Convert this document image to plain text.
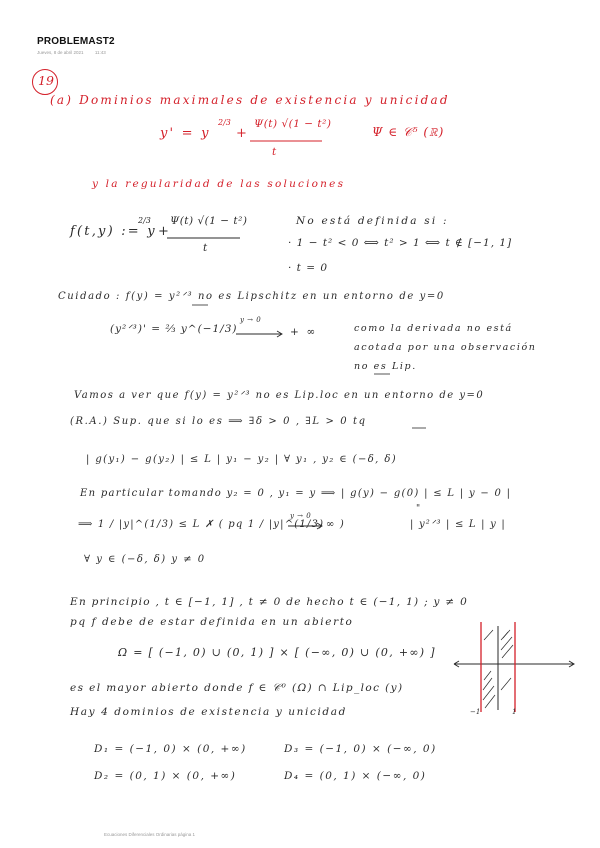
PROBLEMAST2
Jueves, 8 de abril 2021	11:43
19
(a) Dominios maximales de existencia y unicidad
y' = y
2/3
+
Ψ(t) √(1 − t²)
t
Ψ ∈ 𝒞⁵ (ℝ)
y la regularidad de las soluciones
f(t,y) := y
2/3
+
Ψ(t) √(1 − t²)
t
No está definida si :
· 1 − t² < 0 ⟺ t² > 1 ⟺ t ∉ [−1, 1]
· t = 0
Cuidado : f(y) = y²ᐟ³ no es Lipschitz en un entorno de y=0
(y²ᐟ³)' = ⅔ y^(−1/3)
y → 0
+ ∞	como la derivada no está
acotada por una observación
no es Lip.
Vamos a ver que f(y) = y²ᐟ³ no es Lip.loc en un entorno de y=0
(R.A.) Sup. que si lo es ⟹ ∃δ > 0 , ∃L > 0 tq
| g(y₁) − g(y₂) | ≤ L | y₁ − y₂ | ∀ y₁ , y₂ ∈ (−δ, δ)
En particular tomando y₂ = 0 , y₁ = y ⟹ | g(y) − g(0) | ≤ L | y − 0 |
⟹ 1 / |y|^(1/3) ≤ L ✗ ( pq 1 / |y|^(1/3)
y → 0
∞ )	| y²ᐟ³ | ≤ L | y |
"
∀ y ∈ (−δ, δ) y ≠ 0
En principio , t ∈ [−1, 1] , t ≠ 0 de hecho t ∈ (−1, 1) ; y ≠ 0
pq f debe de estar definida en un abierto
Ω = [ (−1, 0) ∪ (0, 1) ] × [ (−∞, 0) ∪ (0, +∞) ]
es el mayor abierto donde f ∈ 𝒞⁰ (Ω) ∩ Lip_loc (y)
Hay 4 dominios de existencia y unicidad
D₁ = (−1, 0) × (0, +∞)
D₂ = (0, 1) × (0, +∞)
D₃ = (−1, 0) × (−∞, 0)
D₄ = (0, 1) × (−∞, 0)
−1	1
Ecuaciones Diferenciales Ordinarias página 1
